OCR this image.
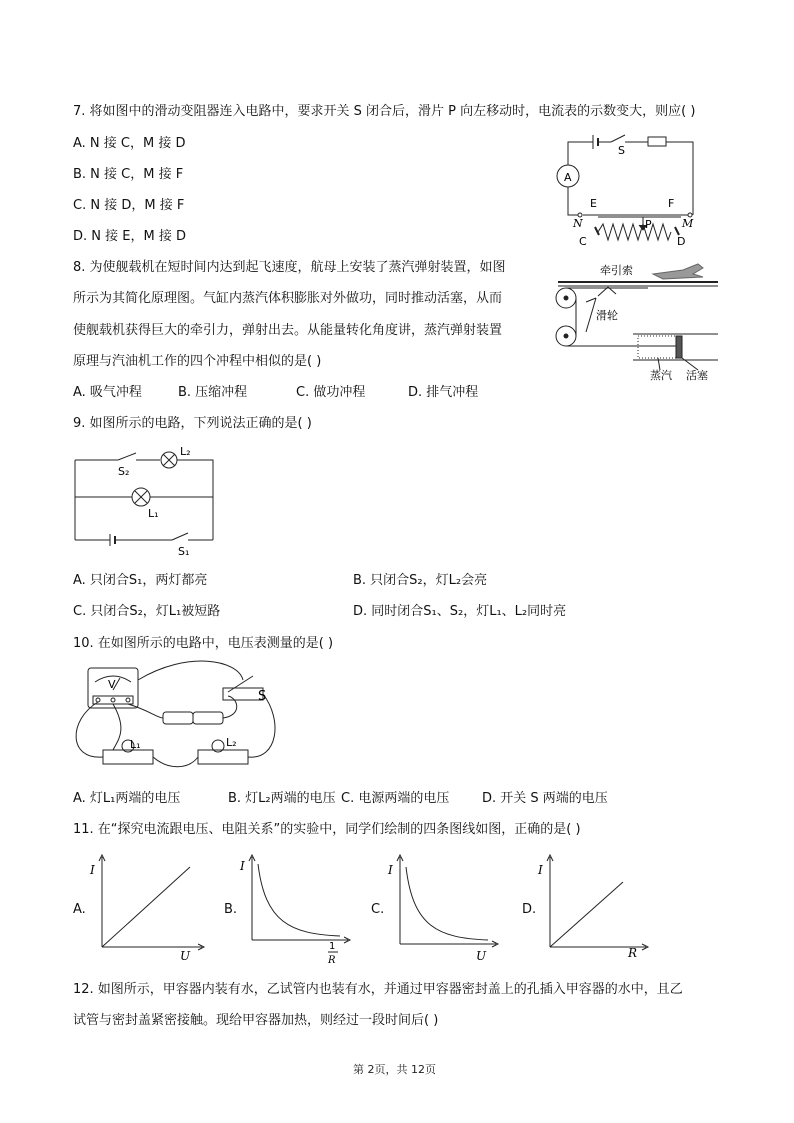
7. 将如图中的滑动变阻器连入电路中，要求开关 S 闭合后，滑片 P 向左移动时，电流表的示数变大，则应( )
A. N 接 C，M 接 D
B. N 接 C，M 接 F
C. N 接 D，M 接 F
D. N 接 E，M 接 D
A
S
E	F
N	M
P
C	D
8. 为使舰载机在短时间内达到起飞速度，航母上安装了蒸汽弹射装置，如图
所示为其简化原理图。气缸内蒸汽体积膨胀对外做功，同时推动活塞，从而
使舰载机获得巨大的牵引力，弹射出去。从能量转化角度讲，蒸汽弹射装置
原理与汽油机工作的四个冲程中相似的是( )
A. 吸气冲程	B. 压缩冲程	C. 做功冲程	D. 排气冲程
牵引索
滑轮
蒸汽 活塞
9. 如图所示的电路，下列说法正确的是( )
S₂
L₂
L₁
S₁
A. 只闭合S₁，两灯都亮	B. 只闭合S₂，灯L₂会亮
C. 只闭合S₂，灯L₁被短路	D. 同时闭合S₁、S₂，灯L₁、L₂同时亮
10. 在如图所示的电路中，电压表测量的是( )
V
S
L₁	L₂
A. 灯L₁两端的电压	B. 灯L₂两端的电压 C. 电源两端的电压	D. 开关 S 两端的电压
11. 在“探究电流跟电压、电阻关系”的实验中，同学们绘制的四条图线如图，正确的是( )
A.
I
U
B.
I
1
R
C.
I
U
D.
I
R
12. 如图所示，甲容器内装有水，乙试管内也装有水，并通过甲容器密封盖上的孔插入甲容器的水中，且乙
试管与密封盖紧密接触。现给甲容器加热，则经过一段时间后( )
第 2页，共 12页
